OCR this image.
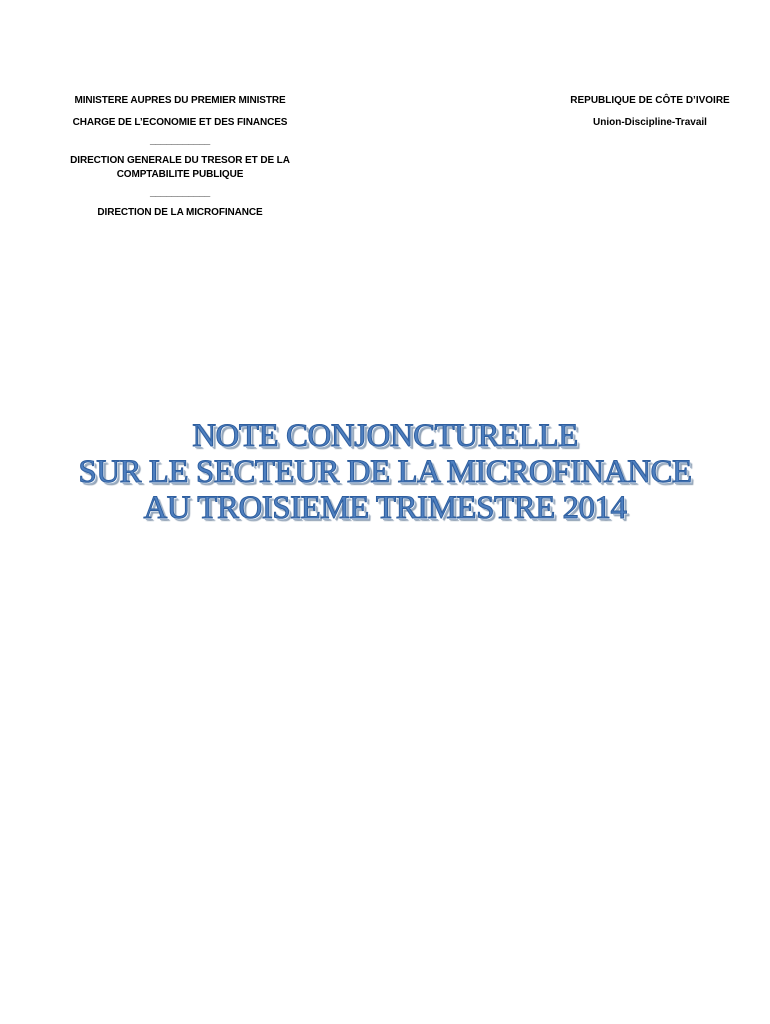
MINISTERE AUPRES DU PREMIER MINISTRE
CHARGE DE L’ECONOMIE ET DES FINANCES
___________
DIRECTION GENERALE DU TRESOR ET DE LA
COMPTABILITE PUBLIQUE
___________
DIRECTION DE LA MICROFINANCE
REPUBLIQUE DE CÔTE D’IVOIRE
Union-Discipline-Travail
NOTE CONJONCTURELLE
SUR LE SECTEUR DE LA MICROFINANCE
AU TROISIEME TRIMESTRE 2014
